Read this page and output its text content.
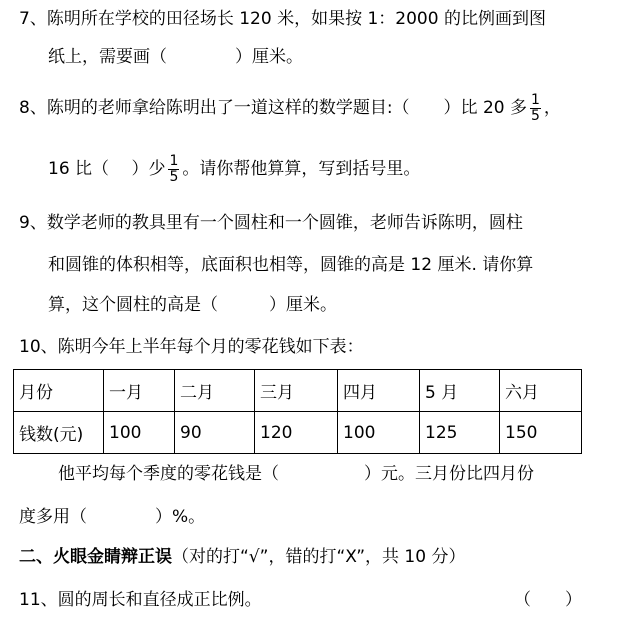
7、陈明所在学校的田径场长 120 米，如果按 1：2000 的比例画到图
纸上，需要画（　　　　）厘米。
8、陈明的老师拿给陈明出了一道这样的数学题目:（　　）比 20 多 $\frac{1}{5}$ ，
16 比（　 ）少 $\frac{1}{5}$ 。请你帮他算算，写到括号里。
9、数学老师的教具里有一个圆柱和一个圆锥，老师告诉陈明，圆柱
和圆锥的体积相等，底面积也相等，圆锥的高是 12 厘米. 请你算
算，这个圆柱的高是（　　　）厘米。
10、陈明今年上半年每个月的零花钱如下表：
月份	一月	二月	三月	四月	5 月	六月
钱数(元)	100	90	120	100	125	150
他平均每个季度的零花钱是（　　　　　）元。三月份比四月份
度多用（　　　　）%。
二、火眼金睛辩正误（对的打“√”，错的打“X”，共 10 分）
11、圆的周长和直径成正比例。	（　　）
